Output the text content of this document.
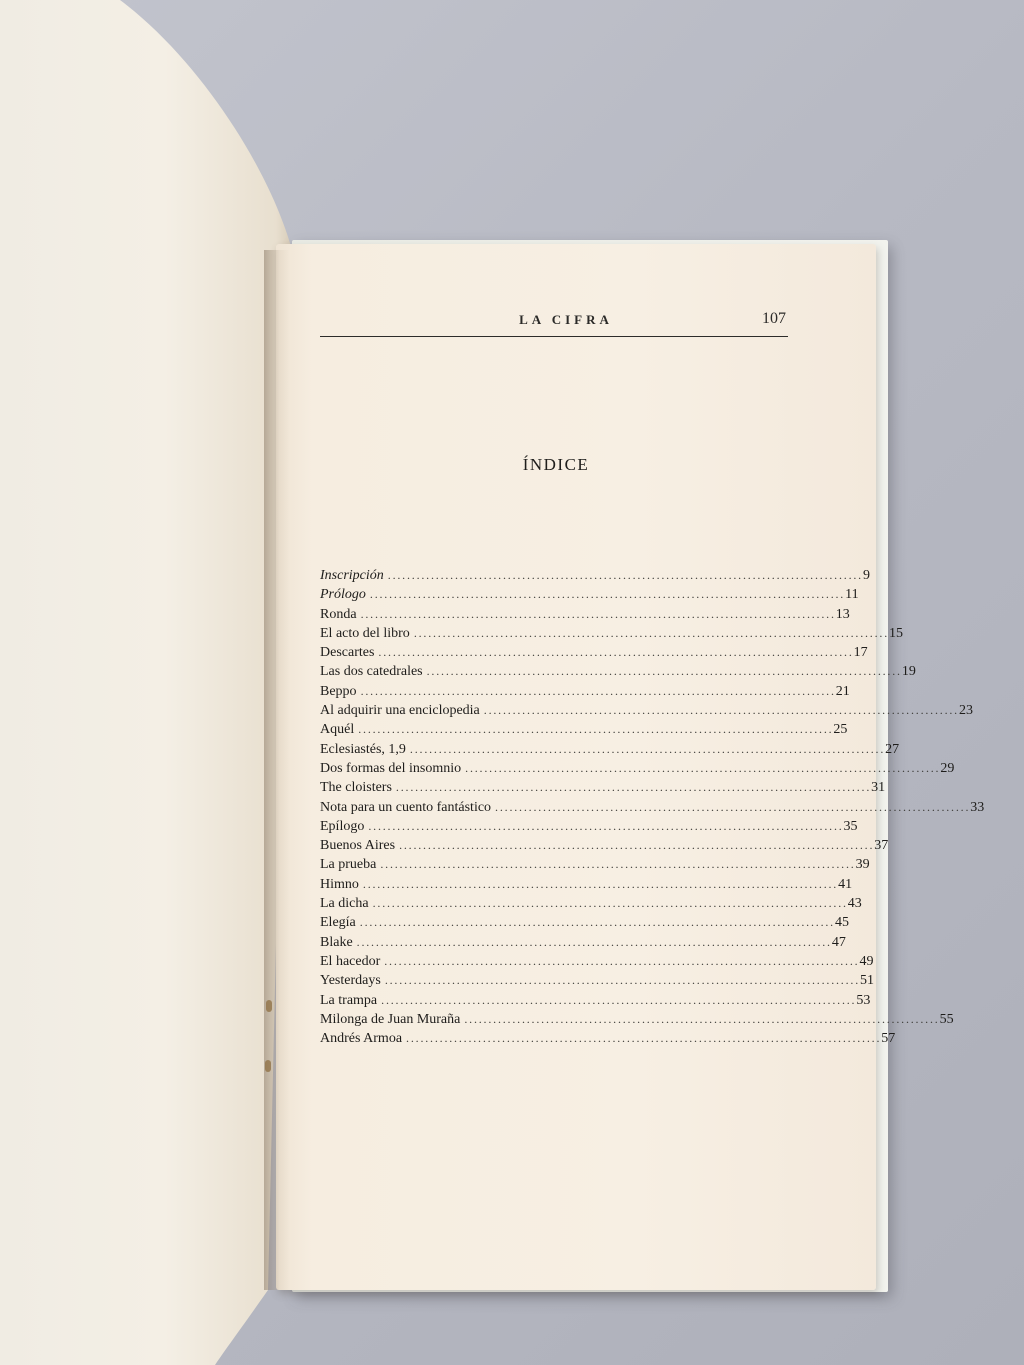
LA CIFRA	107
ÍNDICE
Inscripción ................................................................................................... 9
Prólogo ................................................................................................... 11
Ronda ................................................................................................... 13
El acto del libro ................................................................................................... 15
Descartes ................................................................................................... 17
Las dos catedrales ................................................................................................... 19
Beppo ................................................................................................... 21
Al adquirir una enciclopedia ................................................................................................... 23
Aquél ................................................................................................... 25
Eclesiastés, 1,9 ................................................................................................... 27
Dos formas del insomnio ................................................................................................... 29
The cloisters ................................................................................................... 31
Nota para un cuento fantástico ................................................................................................... 33
Epílogo ................................................................................................... 35
Buenos Aires ................................................................................................... 37
La prueba ................................................................................................... 39
Himno ................................................................................................... 41
La dicha ................................................................................................... 43
Elegía ................................................................................................... 45
Blake ................................................................................................... 47
El hacedor ................................................................................................... 49
Yesterdays ................................................................................................... 51
La trampa ................................................................................................... 53
Milonga de Juan Muraña ................................................................................................... 55
Andrés Armoa ................................................................................................... 57
